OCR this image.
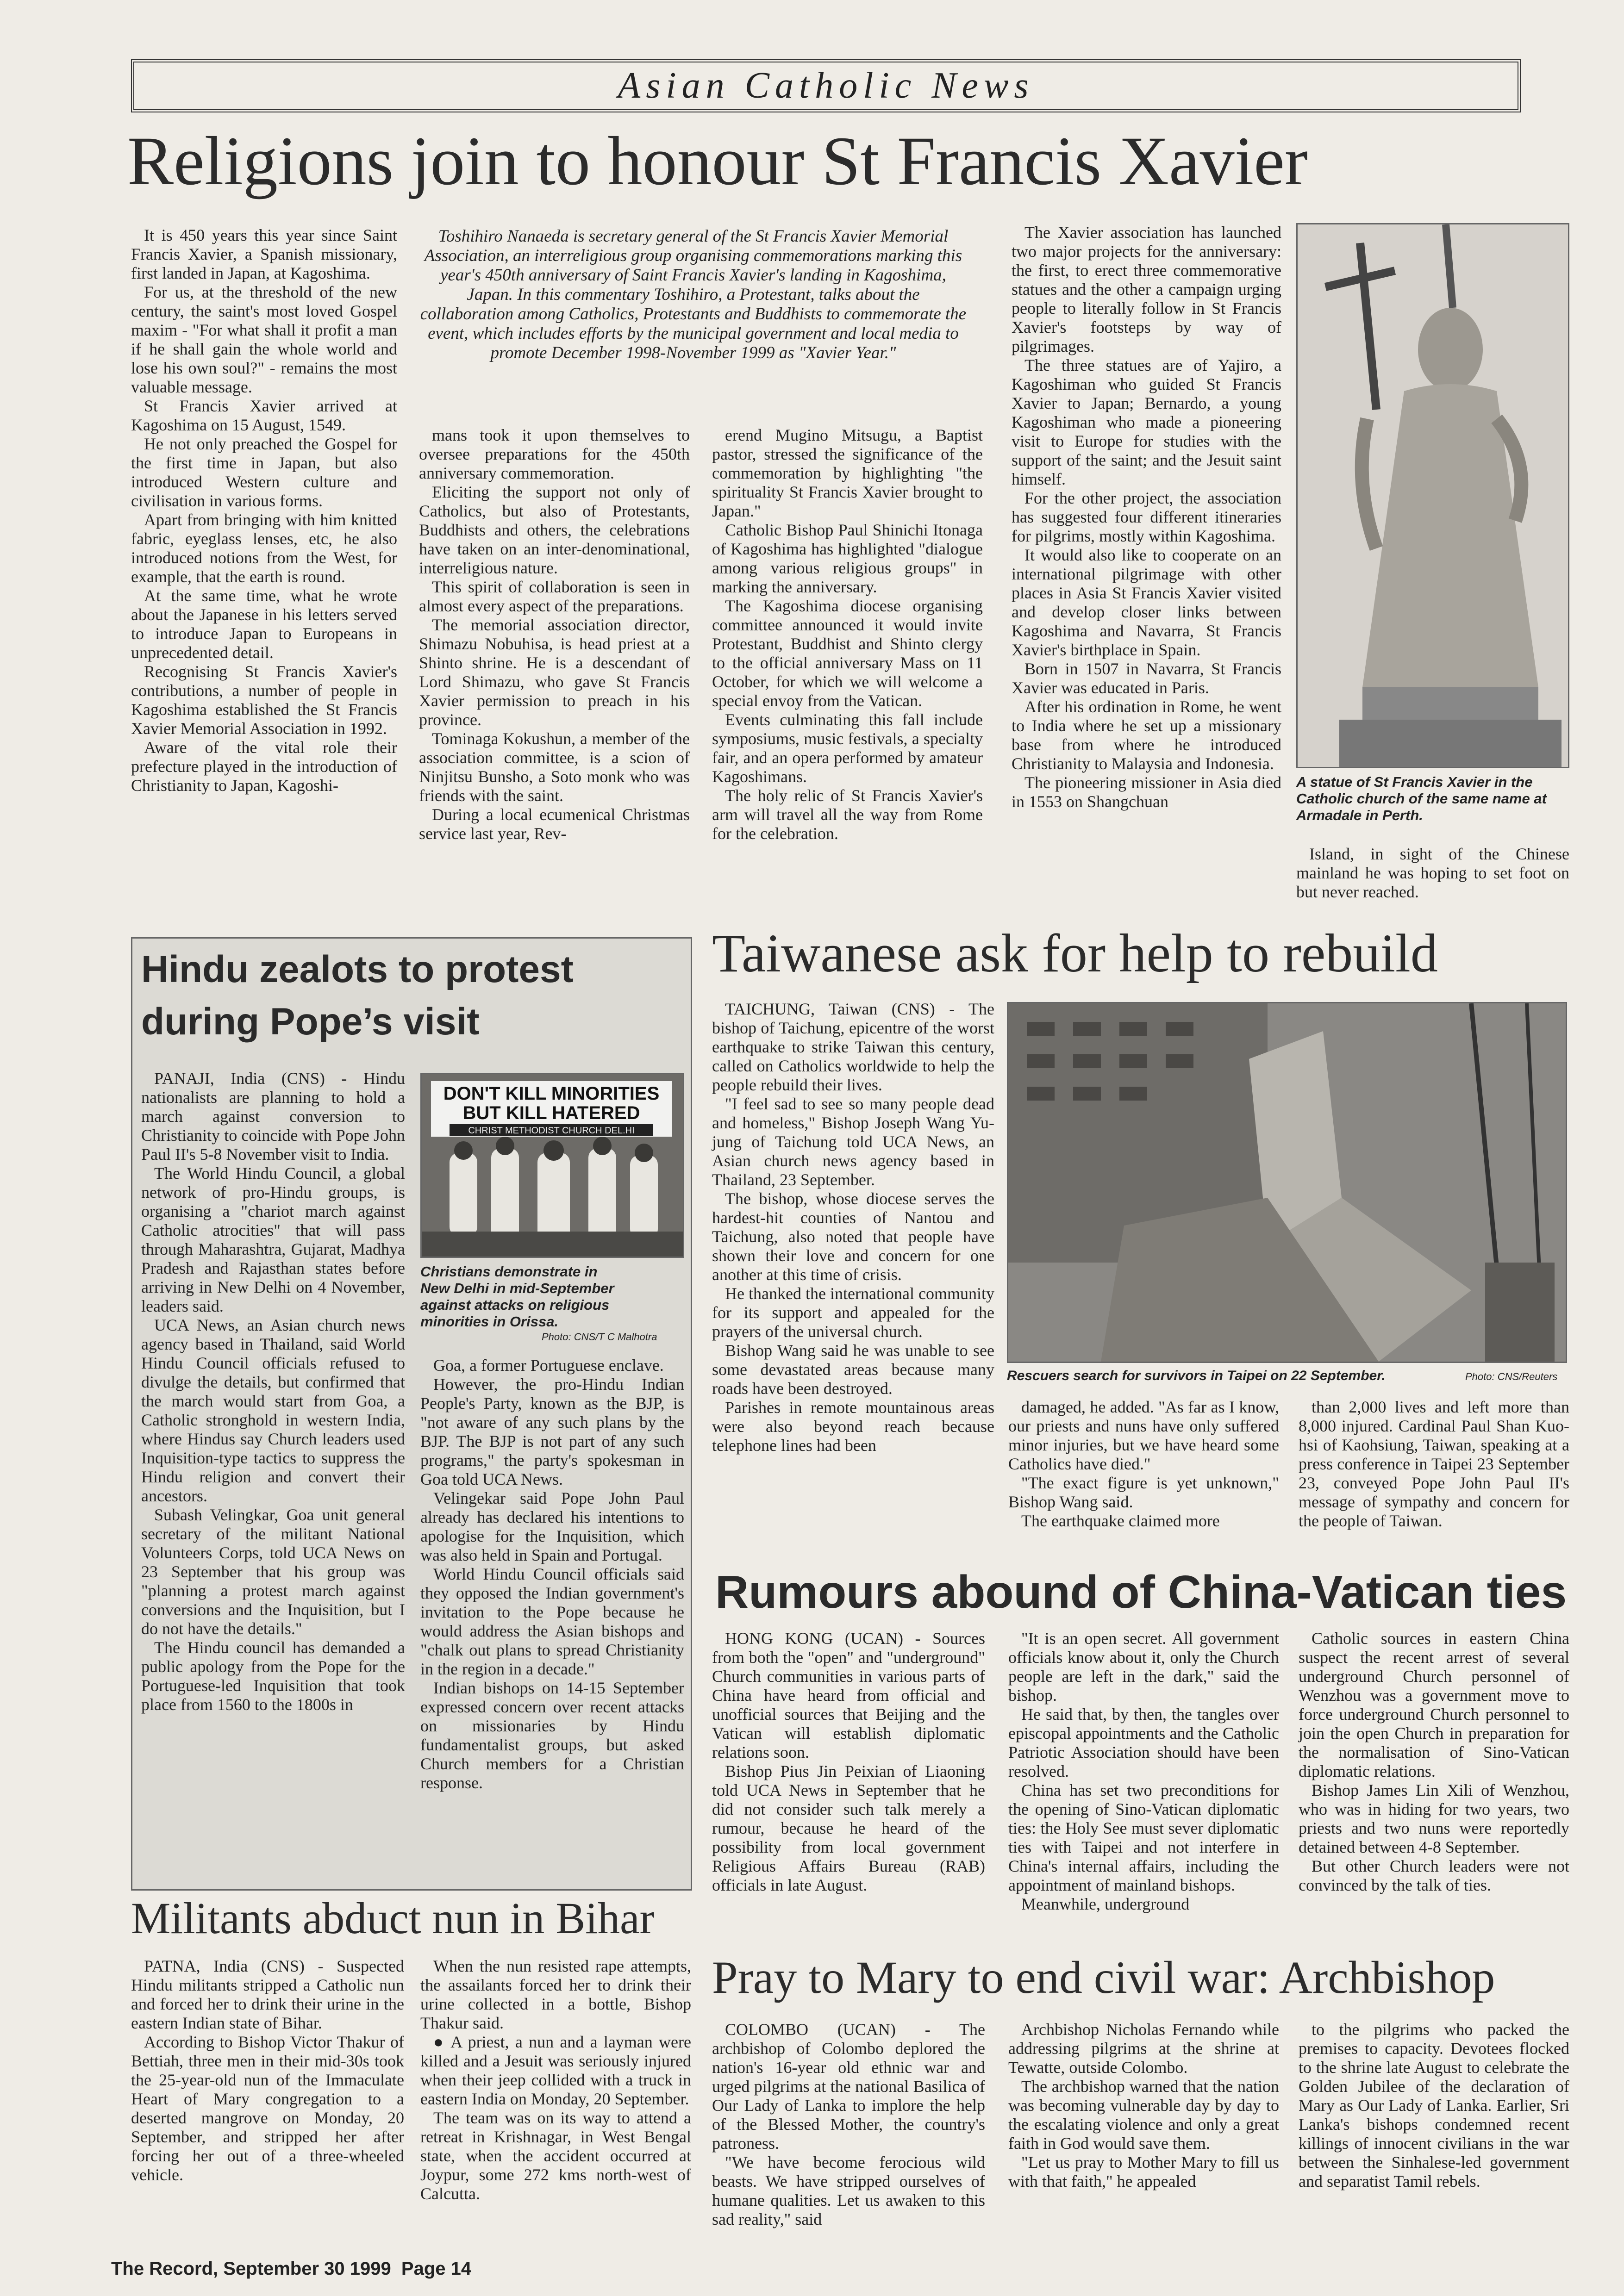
Asian Catholic News
Religions join to honour St Francis Xavier

It is 450 years this year since Saint Francis Xavier, a Spanish missionary, first landed in Japan, at Kagoshima.

For us, at the threshold of the new century, the saint's most loved Gospel maxim - "For what shall it profit a man if he shall gain the whole world and lose his own soul?" - remains the most valuable message.

St Francis Xavier arrived at Kagoshima on 15 August, 1549.

He not only preached the Gospel for the first time in Japan, but also introduced Western culture and civilisation in various forms.

Apart from bringing with him knitted fabric, eyeglass lenses, etc, he also introduced notions from the West, for example, that the earth is round.

At the same time, what he wrote about the Japanese in his letters served to introduce Japan to Europeans in unprecedented detail.

Recognising St Francis Xavier's contributions, a number of people in Kagoshima established the St Francis Xavier Memorial Association in 1992.

Aware of the vital role their prefecture played in the introduction of Christianity to Japan, Kagoshi-

Toshihiro Nanaeda is secretary general of the St Francis Xavier Memorial Association, an interreligious group organising commemorations marking this year's 450th anniversary of Saint Francis Xavier's landing in Kagoshima, Japan. In this commentary Toshihiro, a Protestant, talks about the collaboration among Catholics, Protestants and Buddhists to commemorate the event, which includes efforts by the municipal government and local media to promote December 1998-November 1999 as "Xavier Year."

mans took it upon themselves to oversee preparations for the 450th anniversary commemoration.

Eliciting the support not only of Catholics, but also of Protestants, Buddhists and others, the celebrations have taken on an inter-denominational, interreligious nature.

This spirit of collaboration is seen in almost every aspect of the preparations.

The memorial association director, Shimazu Nobuhisa, is head priest at a Shinto shrine. He is a descendant of Lord Shimazu, who gave St Francis Xavier permission to preach in his province.

Tominaga Kokushun, a member of the association committee, is a scion of Ninjitsu Bunsho, a Soto monk who was friends with the saint.

During a local ecumenical Christmas service last year, Rev-

erend Mugino Mitsugu, a Baptist pastor, stressed the significance of the commemoration by highlighting "the spirituality St Francis Xavier brought to Japan."

Catholic Bishop Paul Shinichi Itonaga of Kagoshima has highlighted "dialogue among various religious groups" in marking the anniversary.

The Kagoshima diocese organising committee announced it would invite Protestant, Buddhist and Shinto clergy to the official anniversary Mass on 11 October, for which we will welcome a special envoy from the Vatican.

Events culminating this fall include symposiums, music festivals, a specialty fair, and an opera performed by amateur Kagoshimans.

The holy relic of St Francis Xavier's arm will travel all the way from Rome for the celebration.

The Xavier association has launched two major projects for the anniversary: the first, to erect three commemorative statues and the other a campaign urging people to literally follow in St Francis Xavier's footsteps by way of pilgrimages.

The three statues are of Yajiro, a Kagoshiman who guided St Francis Xavier to Japan; Bernardo, a young Kagoshiman who made a pioneering visit to Europe for studies with the support of the saint; and the Jesuit saint himself.

For the other project, the association has suggested four different itineraries for pilgrims, mostly within Kagoshima.

It would also like to cooperate on an international pilgrimage with other places in Asia St Francis Xavier visited and develop closer links between Kagoshima and Navarra, St Francis Xavier's birthplace in Spain.

Born in 1507 in Navarra, St Francis Xavier was educated in Paris.

After his ordination in Rome, he went to India where he set up a missionary base from where he introduced Christianity to Malaysia and Indonesia.

The pioneering missioner in Asia died in 1553 on Shangchuan

A statue of St Francis Xavier in the Catholic church of the same name at Armadale in Perth.

Island, in sight of the Chinese mainland he was hoping to set foot on but never reached.

Hindu zealots to protest
during Pope’s visit

PANAJI, India (CNS) - Hindu nationalists are planning to hold a march against conversion to Christianity to coincide with Pope John Paul II's 5-8 November visit to India.

The World Hindu Council, a global network of pro-Hindu groups, is organising a "chariot march against Catholic atrocities" that will pass through Maharashtra, Gujarat, Madhya Pradesh and Rajasthan states before arriving in New Delhi on 4 November, leaders said.

UCA News, an Asian church news agency based in Thailand, said World Hindu Council officials refused to divulge the details, but confirmed that the march would start from Goa, a Catholic stronghold in western India, where Hindus say Church leaders used Inquisition-type tactics to suppress the Hindu religion and convert their ancestors.

Subash Velingkar, Goa unit general secretary of the militant National Volunteers Corps, told UCA News on 23 September that his group was "planning a protest march against conversions and the Inquisition, but I do not have the details."

The Hindu council has demanded a public apology from the Pope for the Portuguese-led Inquisition that took place from 1560 to the 1800s in

DON'T KILL MINORITIES
BUT KILL HATERED
CHRIST METHODIST CHURCH DEL.HI
Christians demonstrate in New Delhi in mid-September against attacks on religious minorities in Orissa.
Photo: CNS/T C Malhotra

Goa, a former Portuguese enclave.

However, the pro-Hindu Indian People's Party, known as the BJP, is "not aware of any such plans by the BJP. The BJP is not part of any such programs," the party's spokesman in Goa told UCA News.

Velingekar said Pope John Paul already has declared his intentions to apologise for the Inquisition, which was also held in Spain and Portugal.

World Hindu Council officials said they opposed the Indian government's invitation to the Pope because he would address the Asian bishops and "chalk out plans to spread Christianity in the region in a decade."

Indian bishops on 14-15 September expressed concern over recent attacks on missionaries by Hindu fundamentalist groups, but asked Church members for a Christian response.

Taiwanese ask for help to rebuild

TAICHUNG, Taiwan (CNS) - The bishop of Taichung, epicentre of the worst earthquake to strike Taiwan this century, called on Catholics worldwide to help the people rebuild their lives.

"I feel sad to see so many people dead and homeless," Bishop Joseph Wang Yu-jung of Taichung told UCA News, an Asian church news agency based in Thailand, 23 September.

The bishop, whose diocese serves the hardest-hit counties of Nantou and Taichung, also noted that people have shown their love and concern for one another at this time of crisis.

He thanked the international community for its support and appealed for the prayers of the universal church.

Bishop Wang said he was unable to see some devastated areas because many roads have been destroyed.

Parishes in remote mountainous areas were also beyond reach because telephone lines had been

Rescuers search for survivors in Taipei on 22 September.	Photo: CNS/Reuters

damaged, he added. "As far as I know, our priests and nuns have only suffered minor injuries, but we have heard some Catholics have died."

"The exact figure is yet unknown," Bishop Wang said.

The earthquake claimed more

than 2,000 lives and left more than 8,000 injured. Cardinal Paul Shan Kuo-hsi of Kaohsiung, Taiwan, speaking at a press conference in Taipei 23 September 23, conveyed Pope John Paul II's message of sympathy and concern for the people of Taiwan.

Rumours abound of China-Vatican ties

HONG KONG (UCAN) - Sources from both the "open" and "underground" Church communities in various parts of China have heard from official and unofficial sources that Beijing and the Vatican will establish diplomatic relations soon.

Bishop Pius Jin Peixian of Liaoning told UCA News in September that he did not consider such talk merely a rumour, because he heard of the possibility from local government Religious Affairs Bureau (RAB) officials in late August.

"It is an open secret. All government officials know about it, only the Church people are left in the dark," said the bishop.

He said that, by then, the tangles over episcopal appointments and the Catholic Patriotic Association should have been resolved.

China has set two preconditions for the opening of Sino-Vatican diplomatic ties: the Holy See must sever diplomatic ties with Taipei and not interfere in China's internal affairs, including the appointment of mainland bishops.

Meanwhile, underground

Catholic sources in eastern China suspect the recent arrest of several underground Church personnel of Wenzhou was a government move to force underground Church personnel to join the open Church in preparation for the normalisation of Sino-Vatican diplomatic relations.

Bishop James Lin Xili of Wenzhou, who was in hiding for two years, two priests and two nuns were reportedly detained between 4-8 September.

But other Church leaders were not convinced by the talk of ties.

Militants abduct nun in Bihar

PATNA, India (CNS) - Suspected Hindu militants stripped a Catholic nun and forced her to drink their urine in the eastern Indian state of Bihar.

According to Bishop Victor Thakur of Bettiah, three men in their mid-30s took the 25-year-old nun of the Immaculate Heart of Mary congregation to a deserted mangrove on Monday, 20 September, and stripped her after forcing her out of a three-wheeled vehicle.

When the nun resisted rape attempts, the assailants forced her to drink their urine collected in a bottle, Bishop Thakur said.

● A priest, a nun and a layman were killed and a Jesuit was seriously injured when their jeep collided with a truck in eastern India on Monday, 20 September.

The team was on its way to attend a retreat in Krishnagar, in West Bengal state, when the accident occurred at Joypur, some 272 kms north-west of Calcutta.

Pray to Mary to end civil war: Archbishop

COLOMBO (UCAN) - The archbishop of Colombo deplored the nation's 16-year old ethnic war and urged pilgrims at the national Basilica of Our Lady of Lanka to implore the help of the Blessed Mother, the country's patroness.

"We have become ferocious wild beasts. We have stripped ourselves of humane qualities. Let us awaken to this sad reality," said

Archbishop Nicholas Fernando while addressing pilgrims at the shrine at Tewatte, outside Colombo.

The archbishop warned that the nation was becoming vulnerable day by day to the escalating violence and only a great faith in God would save them.

"Let us pray to Mother Mary to fill us with that faith," he appealed

to the pilgrims who packed the premises to capacity. Devotees flocked to the shrine late August to celebrate the Golden Jubilee of the declaration of Mary as Our Lady of Lanka. Earlier, Sri Lanka's bishops condemned recent killings of innocent civilians in the war between the Sinhalese-led government and separatist Tamil rebels.

The Record, September 30 1999  Page 14
